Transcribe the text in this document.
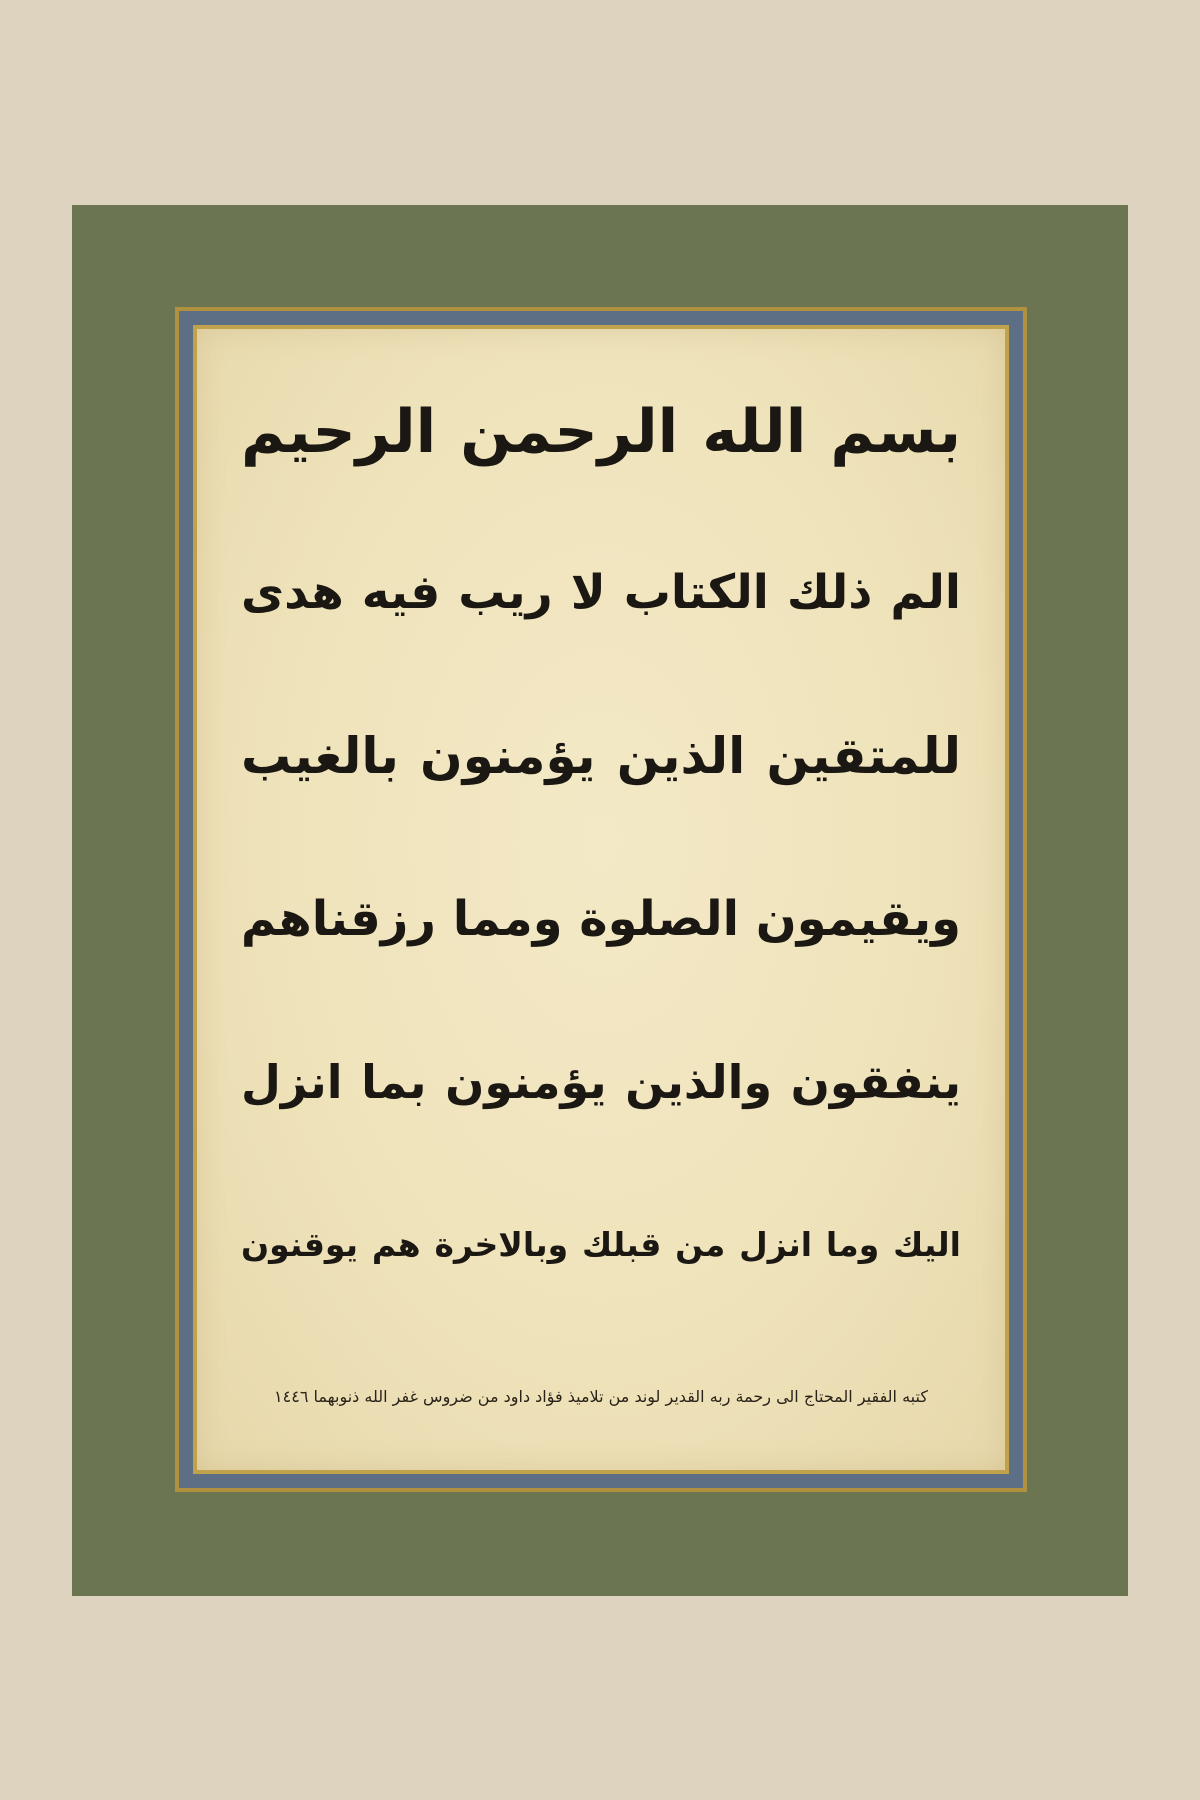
بسم الله الرحمن الرحيم
الم ذلك الكتاب لا ريب فيه هدى
للمتقين الذين يؤمنون بالغيب
ويقيمون الصلوة ومما رزقناهم
ينفقون والذين يؤمنون بما انزل
اليك وما انزل من قبلك وبالاخرة هم يوقنون
كتبه الفقير المحتاج الى رحمة ربه القدير لوند من تلاميذ فؤاد داود من ضروس غفر الله ذنوبهما ١٤٤٦
